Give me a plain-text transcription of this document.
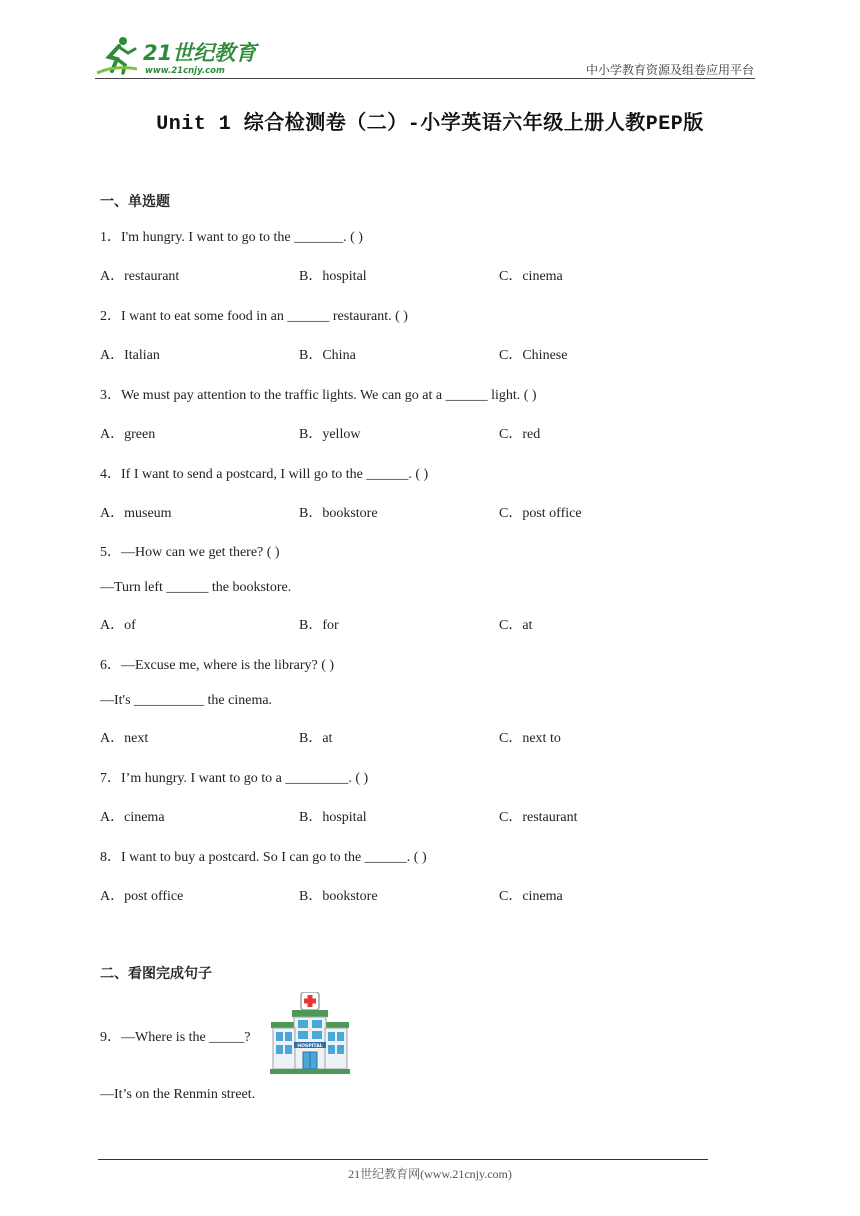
21世纪教育
www.21cnjy.com	中小学教育资源及组卷应用平台
Unit 1 综合检测卷（二）-小学英语六年级上册人教PEP版
一、单选题
1．I'm hungry. I want to go to the _______. ( )
A．restaurant	B．hospital	C．cinema
2．I want to eat some food in an ______ restaurant. ( )
A．Italian	B．China	C．Chinese
3．We must pay attention to the traffic lights. We can go at a ______ light. ( )
A．green	B．yellow	C．red
4．If I want to send a postcard, I will go to the ______. ( )
A．museum	B．bookstore	C．post office
5．—How can we get there? ( )
—Turn left ______ the bookstore.
A．of	B．for	C．at
6．—Excuse me, where is the library? ( )
—It's __________ the cinema.
A．next	B．at	C．next to
7．I’m hungry. I want to go to a _________. ( )
A．cinema	B．hospital	C．restaurant
8．I want to buy a postcard. So I can go to the ______. ( )
A．post office	B．bookstore	C．cinema
二、看图完成句子
9．—Where is the _____?
HOSPITAL
—It’s on the Renmin street.
21世纪教育网(www.21cnjy.com)
